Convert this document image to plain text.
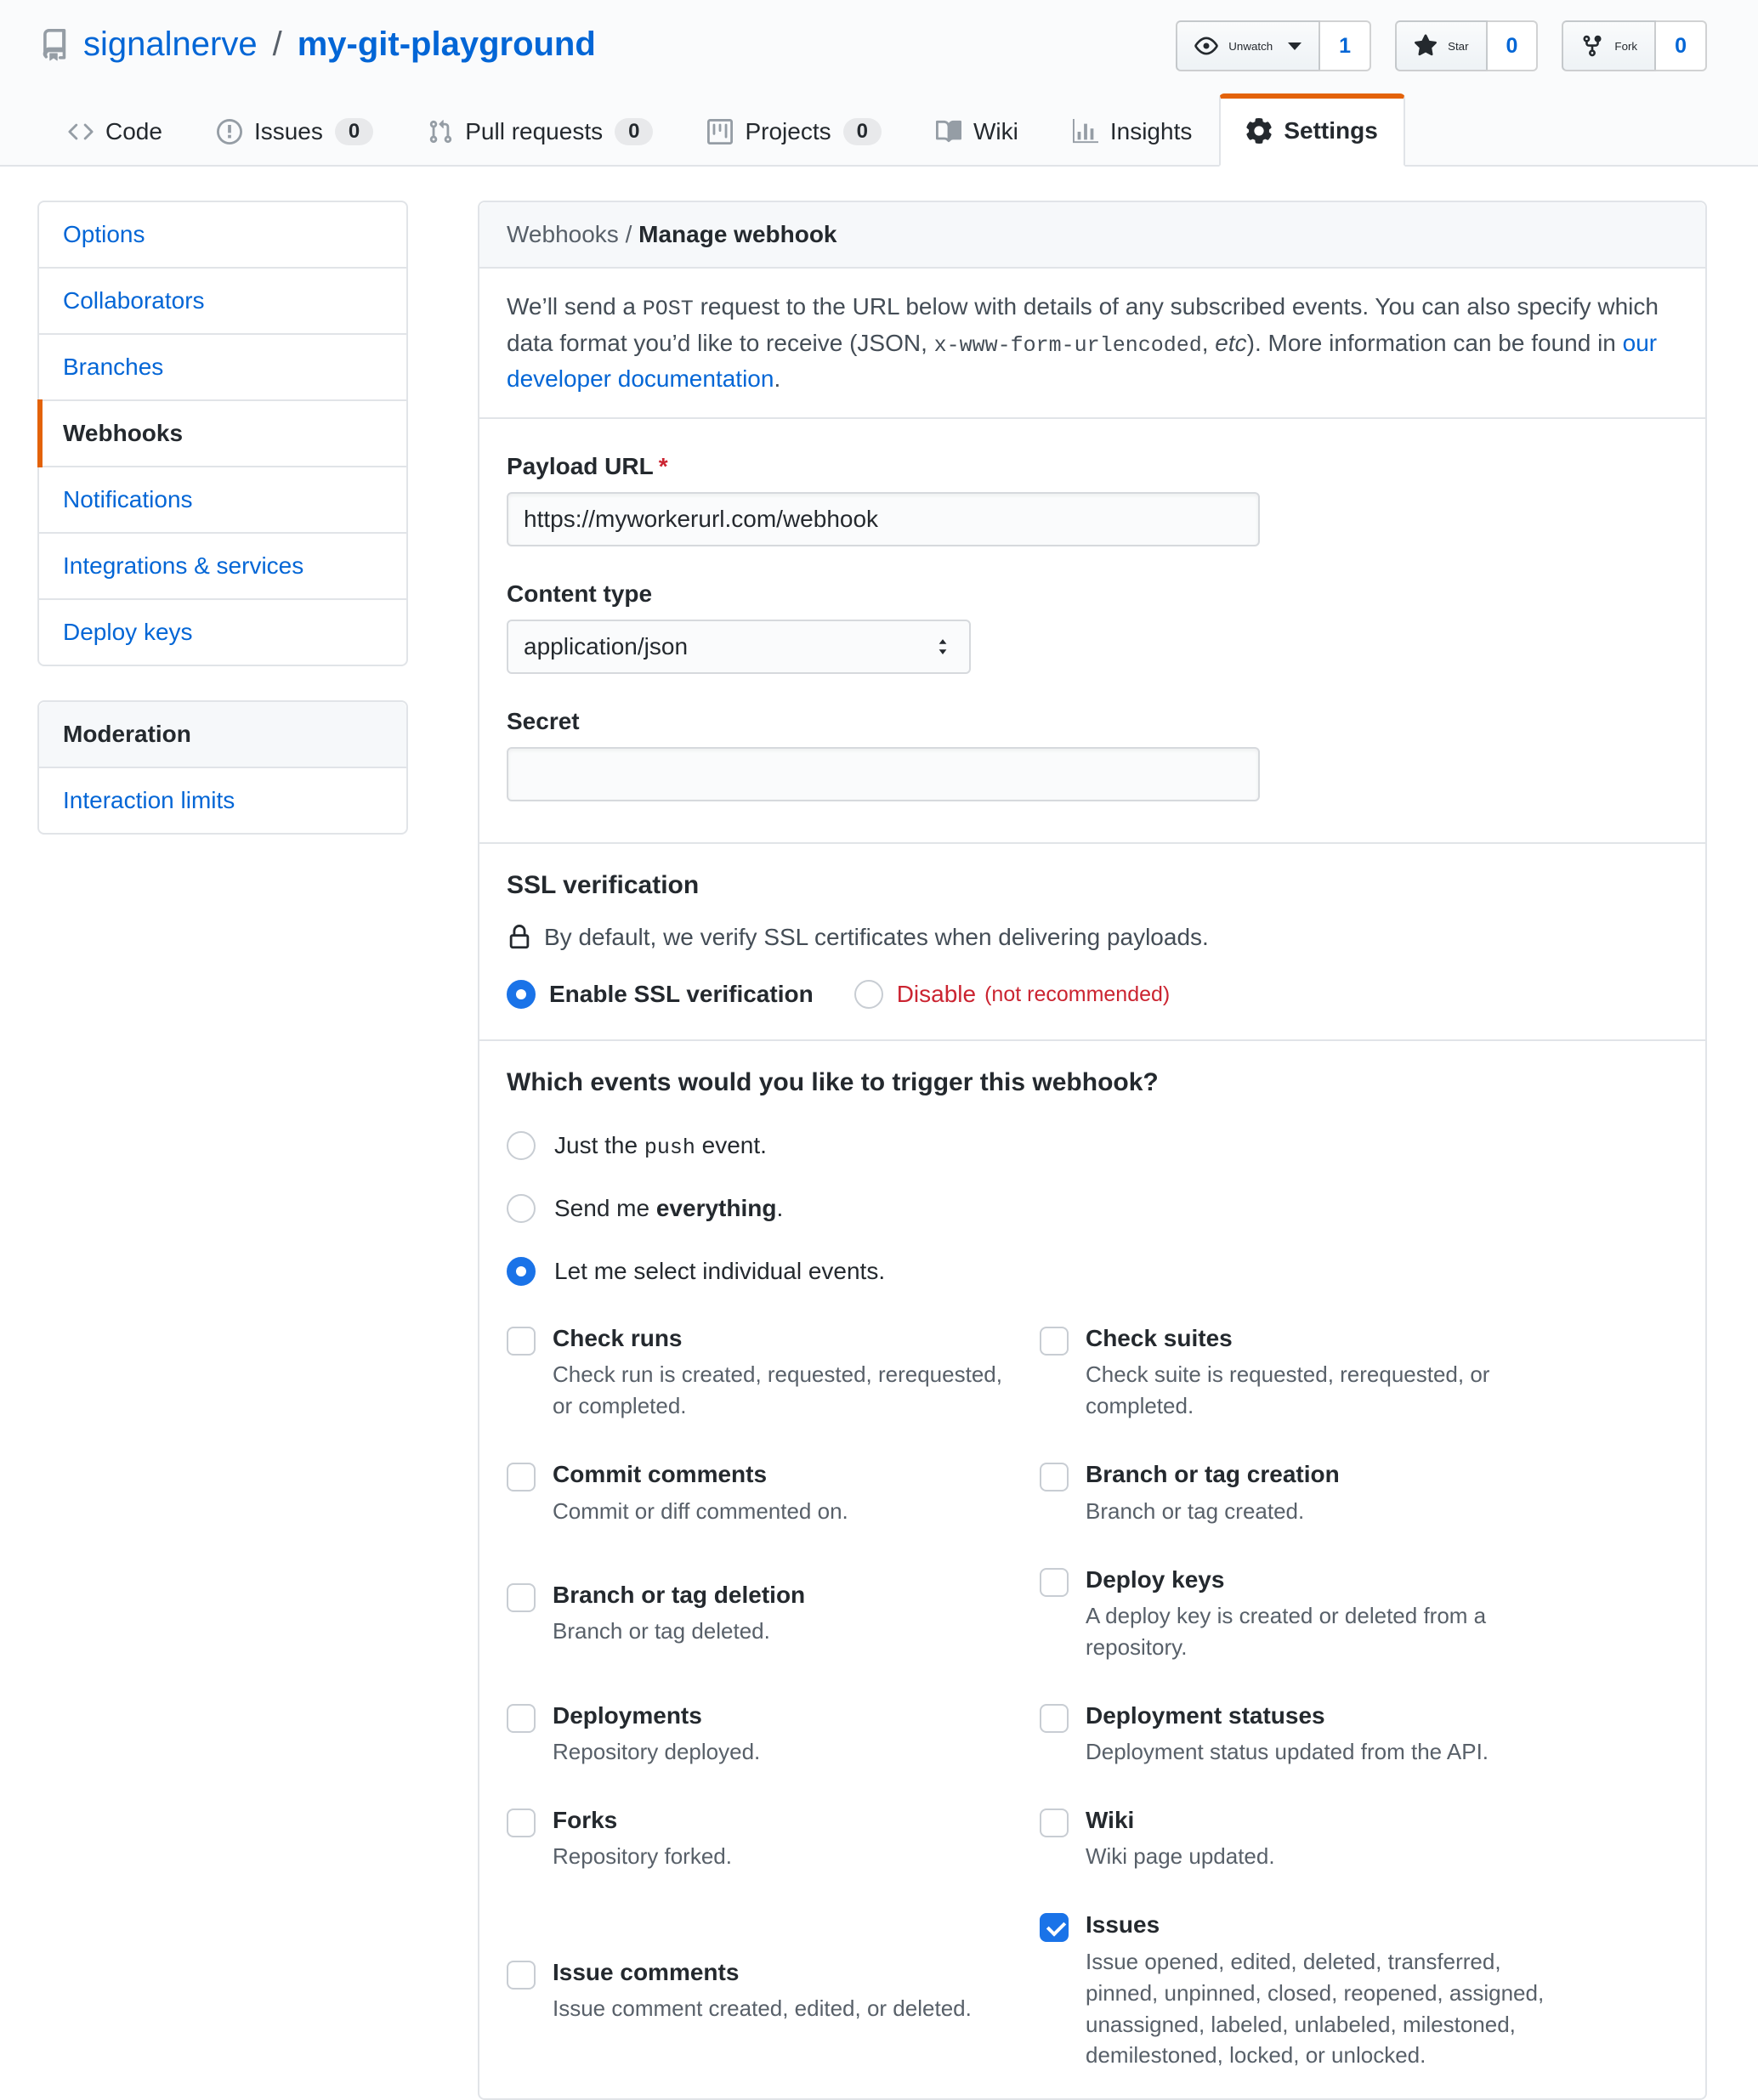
signalnerve / my-git-playground	Unwatch	1	Star	0	Fork	0
Code	Issues	0	Pull requests	0	Projects	0	Wiki	Insights	Settings
Options
Collaborators
Branches
Webhooks
Notifications
Integrations & services
Deploy keys
Moderation
Interaction limits
Webhooks / Manage webhook

We’ll send a POST request to the URL below with details of any subscribed events. You can also specify which data format you’d like to receive (JSON, x-www-form-urlencoded, etc). More information can be found in our developer documentation.

Payload URL *
https://myworkerurl.com/webhook
Content type
application/json
Secret
SSL verification
By default, we verify SSL certificates when delivering payloads.
Enable SSL verification	Disable (not recommended)
Which events would you like to trigger this webhook?
Just the push event.
Send me everything.
Let me select individual events.
Check runs
Check run is created, requested, rerequested, or completed.
Check suites
Check suite is requested, rerequested, or completed.
Commit comments
Commit or diff commented on.
Branch or tag creation
Branch or tag created.
Branch or tag deletion
Branch or tag deleted.
Deploy keys
A deploy key is created or deleted from a repository.
Deployments
Repository deployed.
Deployment statuses
Deployment status updated from the API.
Forks
Repository forked.
Wiki
Wiki page updated.
Issue comments
Issue comment created, edited, or deleted.
Issues
Issue opened, edited, deleted, transferred, pinned, unpinned, closed, reopened, assigned, unassigned, labeled, unlabeled, milestoned, demilestoned, locked, or unlocked.
